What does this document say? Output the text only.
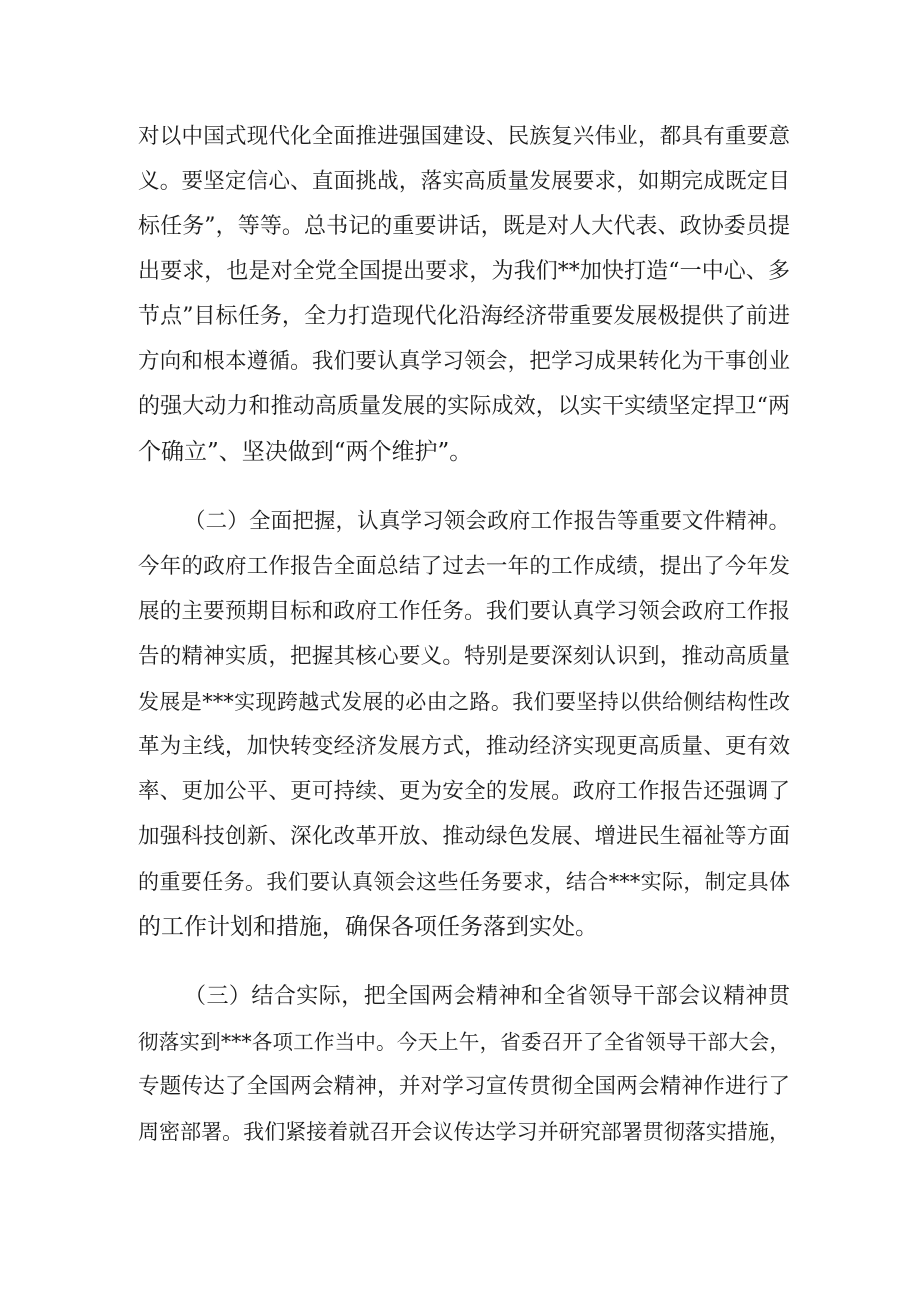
对以中国式现代化全面推进强国建设、民族复兴伟业，都具有重要意
义。要坚定信心、直面挑战，落实高质量发展要求，如期完成既定目
标任务”，等等。总书记的重要讲话，既是对人大代表、政协委员提
出要求，也是对全党全国提出要求，为我们**加快打造“一中心、多
节点”目标任务，全力打造现代化沿海经济带重要发展极提供了前进
方向和根本遵循。我们要认真学习领会，把学习成果转化为干事创业
的强大动力和推动高质量发展的实际成效，以实干实绩坚定捍卫“两
个确立”、坚决做到“两个维护”。
（二）全面把握，认真学习领会政府工作报告等重要文件精神。
今年的政府工作报告全面总结了过去一年的工作成绩，提出了今年发
展的主要预期目标和政府工作任务。我们要认真学习领会政府工作报
告的精神实质，把握其核心要义。特别是要深刻认识到，推动高质量
发展是***实现跨越式发展的必由之路。我们要坚持以供给侧结构性改
革为主线，加快转变经济发展方式，推动经济实现更高质量、更有效
率、更加公平、更可持续、更为安全的发展。政府工作报告还强调了
加强科技创新、深化改革开放、推动绿色发展、增进民生福祉等方面
的重要任务。我们要认真领会这些任务要求，结合***实际，制定具体
的工作计划和措施，确保各项任务落到实处。
（三）结合实际，把全国两会精神和全省领导干部会议精神贯
彻落实到***各项工作当中。今天上午，省委召开了全省领导干部大会，
专题传达了全国两会精神，并对学习宣传贯彻全国两会精神作进行了
周密部署。我们紧接着就召开会议传达学习并研究部署贯彻落实措施，
